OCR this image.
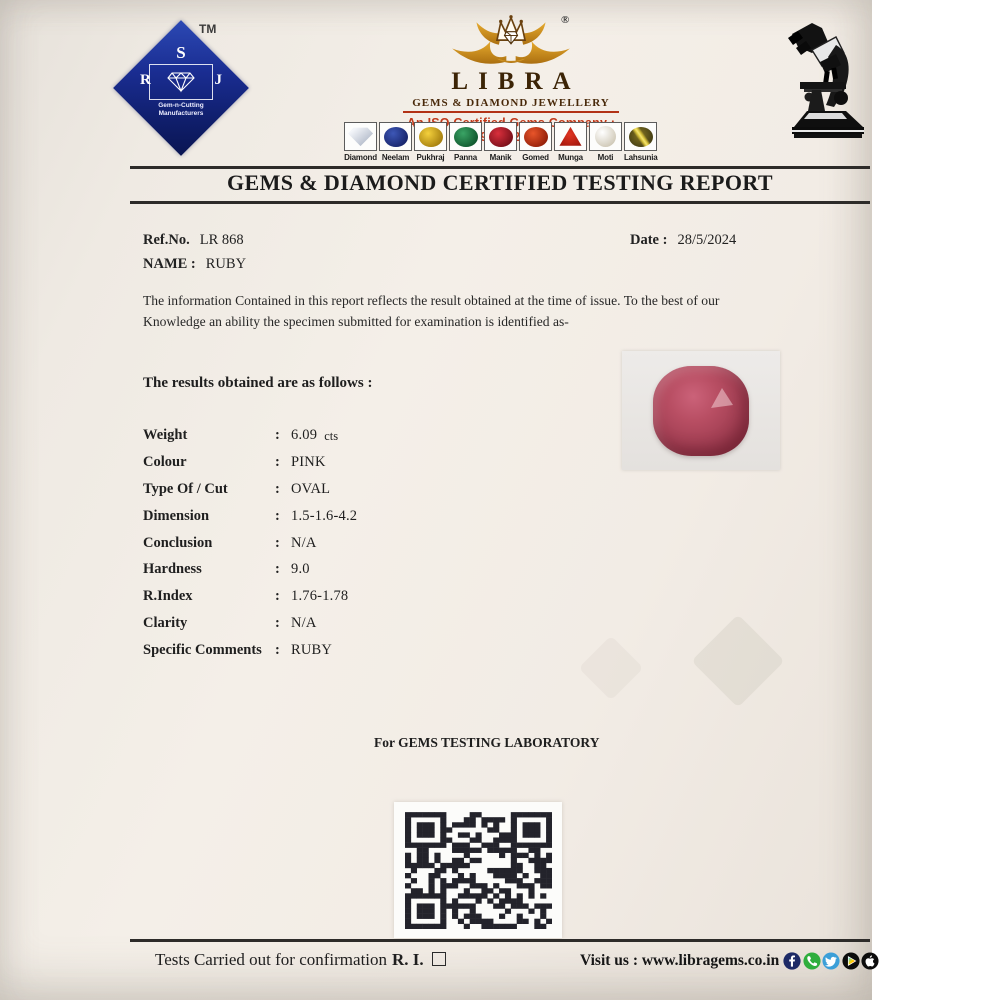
TM
S
R	J
Gem-n-Cutting
Manufacturers
®
LIBRA
GEMS & DIAMOND JEWELLERY
Diamond Neelam Pukhraj	Panna	Manik	Gomed	Munga	Moti	Lahsunia
GEMS & DIAMOND CERTIFIED TESTING REPORT
Ref.No. LR 868	Date : 28/5/2024
NAME : RUBY
The information Contained in this report reflects the result obtained at the time of issue. To the best of our
Knowledge an ability the specimen submitted for examination is identified as-
The results obtained are as follows :
Weight	: 6.09 cts
Colour	: PINK
Type Of / Cut	: OVAL
Dimension	: 1.5-1.6-4.2
Conclusion	: N/A
Hardness	: 9.0
R.Index	: 1.76-1.78
Clarity	: N/A
Specific Comments : RUBY
For GEMS TESTING LABORATORY
Tests Carried out for confirmation R. I.	Visit us : www.libragems.co.in
